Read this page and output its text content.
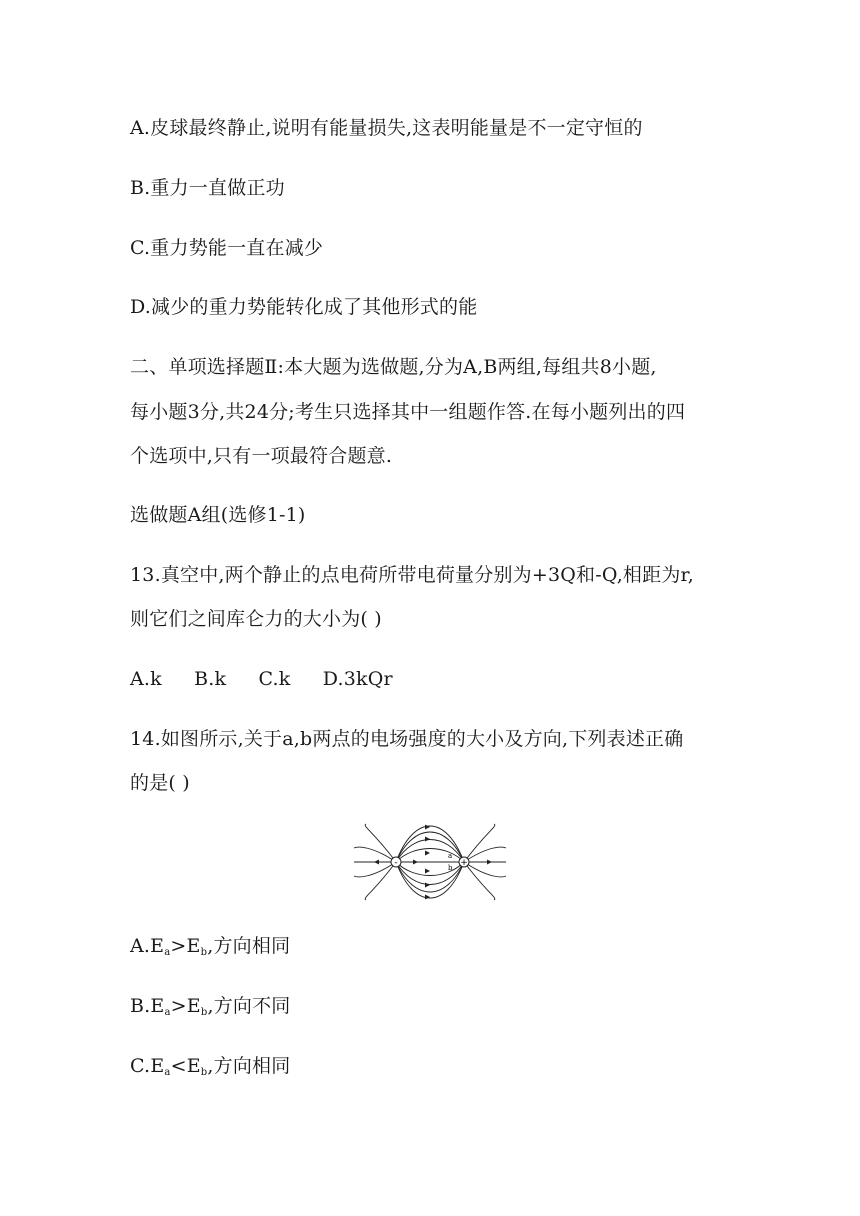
A.皮球最终静止,说明有能量损失,这表明能量是不一定守恒的
B.重力一直做正功
C.重力势能一直在减少
D.减少的重力势能转化成了其他形式的能
二、单项选择题Ⅱ:本大题为选做题,分为A,B两组,每组共8小题,
每小题3分,共24分;考生只选择其中一组题作答.在每小题列出的四
个选项中,只有一项最符合题意.
选做题A组(选修1-1)
13.真空中,两个静止的点电荷所带电荷量分别为+3Q和-Q,相距为r,
则它们之间库仑力的大小为( )
A.k B.k C.k D.3kQr
14.如图所示,关于a,b两点的电场强度的大小及方向,下列表述正确
的是( )
-	+
a
b
$A.E_a>E_b$,方向相同
$B.E_a>E_b$,方向不同
$C.E_a<E_b$,方向相同
